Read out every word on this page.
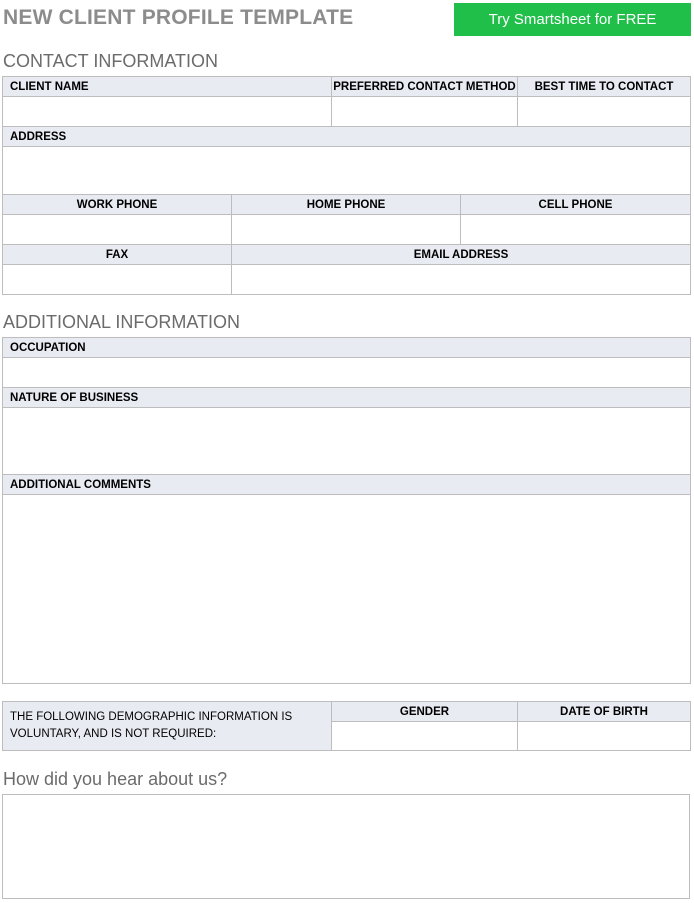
NEW CLIENT PROFILE TEMPLATE	Try Smartsheet for FREE
CONTACT INFORMATION
CLIENT NAME	PREFERRED CONTACT METHOD	BEST TIME TO CONTACT

ADDRESS		

WORK PHONE	HOME PHONE	CELL PHONE

FAX	EMAIL ADDRESS

ADDITIONAL INFORMATION
OCCUPATION

NATURE OF BUSINESS

ADDITIONAL COMMENTS

THE FOLLOWING DEMOGRAPHIC INFORMATION IS VOLUNTARY, AND IS NOT REQUIRED:	GENDER	DATE OF BIRTH

How did you hear about us?
